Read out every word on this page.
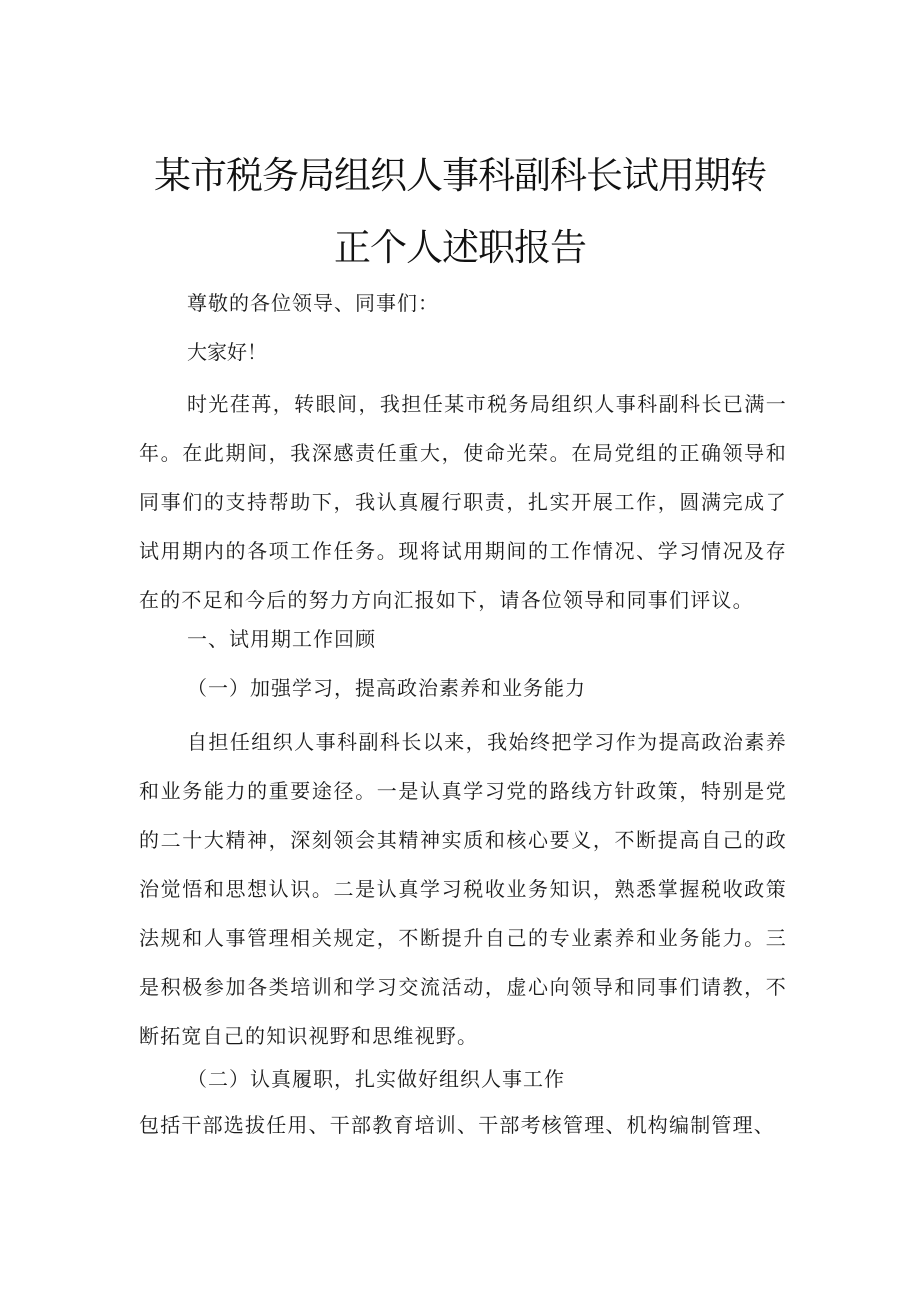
某市税务局组织人事科副科长试用期转
正个人述职报告
尊敬的各位领导、同事们：
大家好！
时光荏苒，转眼间，我担任某市税务局组织人事科副科长已满一年。在此期间，我深感责任重大，使命光荣。在局党组的正确领导和同事们的支持帮助下，我认真履行职责，扎实开展工作，圆满完成了试用期内的各项工作任务。现将试用期间的工作情况、学习情况及存在的不足和今后的努力方向汇报如下，请各位领导和同事们评议。
一、试用期工作回顾
（一）加强学习，提高政治素养和业务能力
自担任组织人事科副科长以来，我始终把学习作为提高政治素养和业务能力的重要途径。一是认真学习党的路线方针政策，特别是党的二十大精神，深刻领会其精神实质和核心要义，不断提高自己的政治觉悟和思想认识。二是认真学习税收业务知识，熟悉掌握税收政策法规和人事管理相关规定，不断提升自己的专业素养和业务能力。三是积极参加各类培训和学习交流活动，虚心向领导和同事们请教，不断拓宽自己的知识视野和思维视野。
（二）认真履职，扎实做好组织人事工作
包括干部选拔任用、干部教育培训、干部考核管理、机构编制管理、
